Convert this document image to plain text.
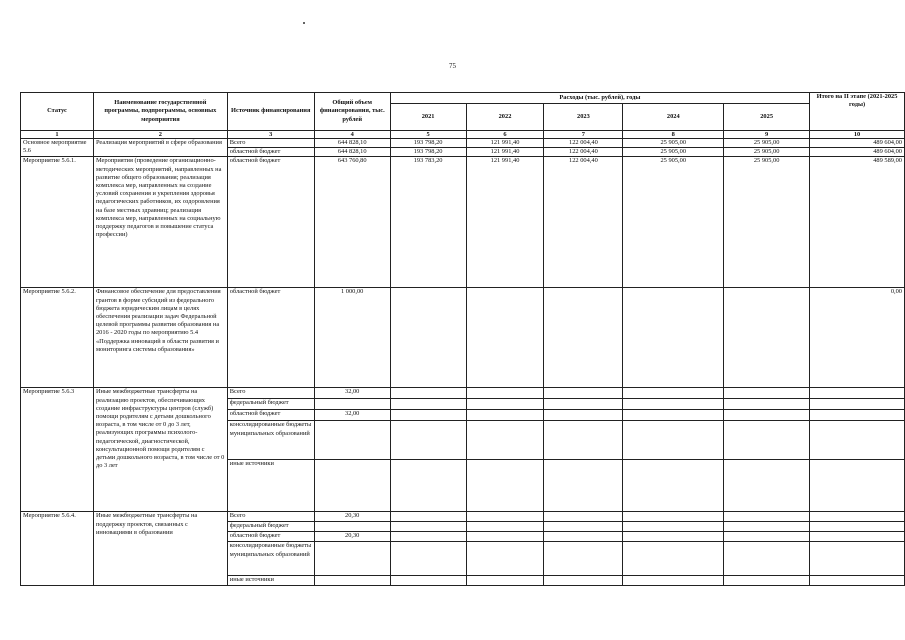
75
Статус	Наименование государственной программы, подпрограммы, основных мероприятия	Источник финансирования	Общий объем финансирования, тыс. рублей	Расходы (тыс. рублей), годы					Итого на II этапе (2021-2025 годы)
				2021	2022	2023	2024	2025	
1	2	3	4	5	6	7	8	9	10
Основное мероприятие 5.6	Реализация мероприятий в сфере образования	Всего	644 828,10	193 798,20	121 991,40	122 004,40	25 905,00	25 905,00	489 604,00
		областной бюджет	644 828,10	193 798,20	121 991,40	122 004,40	25 905,00	25 905,00	489 604,00
Мероприятие 5.6.1.	Мероприятия (проведение организационно-методических мероприятий, направленных на развитие общего образования; реализация комплекса мер, направленных на создание условий сохранения и укрепления здоровья педагогических работников, их оздоровления на базе местных здравниц; реализация комплекса мер, направленных на социальную поддержку педагогов и повышение статуса профессии)	областной бюджет	643 760,80	193 783,20	121 991,40	122 004,40	25 905,00	25 905,00	489 589,00
Мероприятие 5.6.2.	Финансовое обеспечение для предоставления грантов в форме субсидий из федерального бюджета юридическим лицам в целях обеспечения реализации задач Федеральной целевой программы развития образования на 2016 - 2020 годы по мероприятию 5.4 «Поддержка инноваций в области развития и мониторинга системы образования»	областной бюджет	1 000,00						0,00
Мероприятие 5.6.3	Иные межбюджетные трансферты на реализацию проектов, обеспечивающих создание инфраструктуры центров (служб) помощи родителям с детьми дошкольного возраста, в том числе от 0 до 3 лет, реализующих программы психолого-педагогической, диагностической, консультационной помощи родителям с детьми дошкольного возраста, в том числе от 0 до 3 лет	Всего	32,00						
		федеральный бюджет							
		областной бюджет	32,00						
		консолидированные бюджеты муниципальных образований							
		иные источники							
Мероприятие 5.6.4.	Иные межбюджетные трансферты на поддержку проектов, связанных с инновациями в образовании	Всего	20,30						
		федеральный бюджет							
		областной бюджет	20,30						
		консолидированные бюджеты муниципальных образований							
		иные источники							
